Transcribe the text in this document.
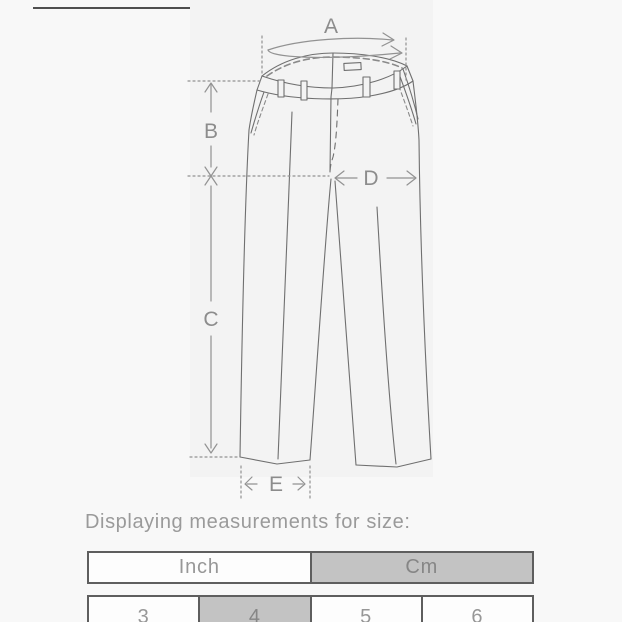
A
B
C
D
E
Displaying measurements for size:
Inch	Cm
3	4	5	6
